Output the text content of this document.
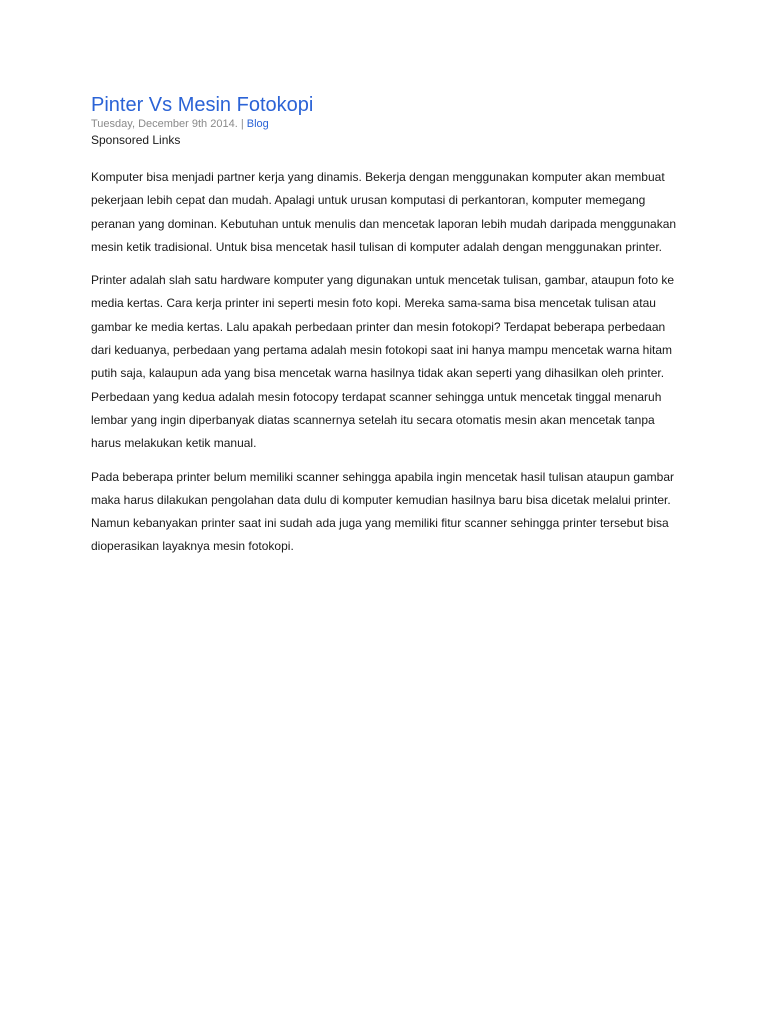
Pinter Vs Mesin Fotokopi

Tuesday, December 9th 2014. | Blog

Sponsored Links

Komputer bisa menjadi partner kerja yang dinamis. Bekerja dengan menggunakan komputer akan membuat pekerjaan lebih cepat dan mudah. Apalagi untuk urusan komputasi di perkantoran, komputer memegang peranan yang dominan. Kebutuhan untuk menulis dan mencetak laporan lebih mudah daripada menggunakan mesin ketik tradisional. Untuk bisa mencetak hasil tulisan di komputer adalah dengan menggunakan printer.

Printer adalah slah satu hardware komputer yang digunakan untuk mencetak tulisan, gambar, ataupun foto ke media kertas. Cara kerja printer ini seperti mesin foto kopi. Mereka sama-sama bisa mencetak tulisan atau gambar ke media kertas. Lalu apakah perbedaan printer dan mesin fotokopi? Terdapat beberapa perbedaan dari keduanya, perbedaan yang pertama adalah mesin fotokopi saat ini hanya mampu mencetak warna hitam putih saja, kalaupun ada yang bisa mencetak warna hasilnya tidak akan seperti yang dihasilkan oleh printer. Perbedaan yang kedua adalah mesin fotocopy terdapat scanner sehingga untuk mencetak tinggal menaruh lembar yang ingin diperbanyak diatas scannernya setelah itu secara otomatis mesin akan mencetak tanpa harus melakukan ketik manual.

Pada beberapa printer belum memiliki scanner sehingga apabila ingin mencetak hasil tulisan ataupun gambar maka harus dilakukan pengolahan data dulu di komputer kemudian hasilnya baru bisa dicetak melalui printer. Namun kebanyakan printer saat ini sudah ada juga yang memiliki fitur scanner sehingga printer tersebut bisa dioperasikan layaknya mesin fotokopi.
